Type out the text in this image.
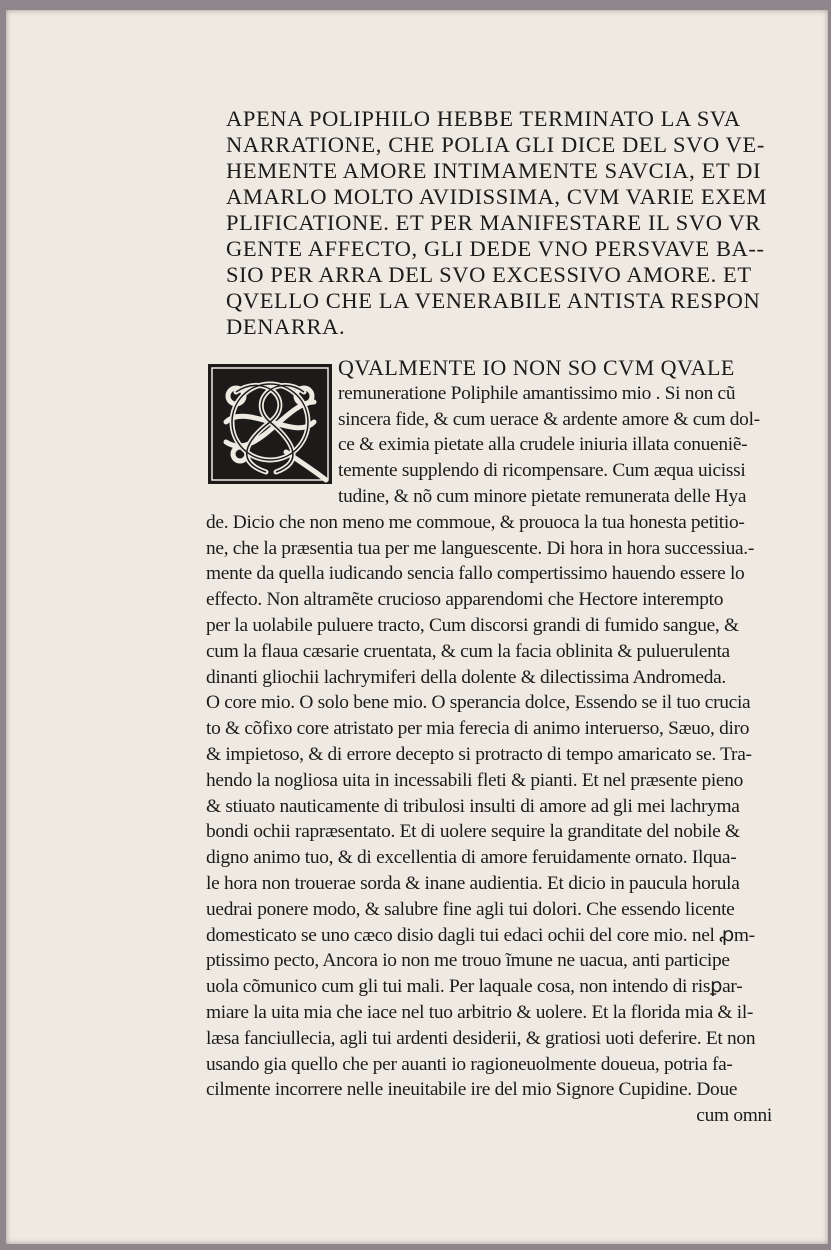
APENA POLIPHILO HEBBE TERMINATO LA SVA
NARRATIONE, CHE POLIA GLI DICE DEL SVO VE-
HEMENTE AMORE INTIMAMENTE SAVCIA, ET DI
AMARLO MOLTO AVIDISSIMA, CVM VARIE EXEM
PLIFICATIONE. ET PER MANIFESTARE IL SVO VR
GENTE AFFECTO, GLI DEDE VNO PERSVAVE BA--
SIO PER ARRA DEL SVO EXCESSIVO AMORE. ET
QVELLO CHE LA VENERABILE ANTISTA RESPON
DENARRA.
QVALMENTE IO NON SO CVM QVALE
remuneratione Poliphile amantissimo mio . Si non cũ
sincera fide, & cum uerace & ardente amore & cum dol-
ce & eximia pietate alla crudele iniuria illata conueniẽ-
temente supplendo di ricompensare. Cum æqua uicissi
tudine, & nõ cum minore pietate remunerata delle Hya
de. Dicio che non meno me commoue, & prouoca la tua honesta petitio-
ne, che la præsentia tua per me languescente. Di hora in hora successiua.-
mente da quella iudicando sencia fallo compertissimo hauendo essere lo
effecto. Non altramẽte crucioso apparendomi che Hectore interempto
per la uolabile puluere tracto, Cum discorsi grandi di fumido sangue, &
cum la flaua cæsarie cruentata, & cum la facia oblinita & puluerulenta
dinanti gliochii lachrymiferi della dolente & dilectissima Andromeda.
O core mio. O solo bene mio. O sperancia dolce, Essendo se il tuo crucia
to & cõfixo core atristato per mia ferecia di animo interuerso, Sæuo, diro
& impietoso, & di errore decepto si protracto di tempo amaricato se. Tra-
hendo la nogliosa uita in incessabili fleti & pianti. Et nel præsente pieno
& stiuato nauticamente di tribulosi insulti di amore ad gli mei lachryma
bondi ochii rapræsentato. Et di uolere sequire la granditate del nobile &
digno animo tuo, & di excellentia di amore feruidamente ornato. Ilqua-
le hora non trouerae sorda & inane audientia. Et dicio in paucula horula
uedrai ponere modo, & salubre fine agli tui dolori. Che essendo licente
domesticato se uno cæco disio dagli tui edaci ochii del core mio. nel ꝓm-
ptissimo pecto, Ancora io non me trouo ĩmune ne uacua, anti participe
uola cõmunico cum gli tui mali. Per laquale cosa, non intendo di risꝑar-
miare la uita mia che iace nel tuo arbitrio & uolere. Et la florida mia & il-
læsa fanciullecia, agli tui ardenti desiderii, & gratiosi uoti deferire. Et non
usando gia quello che per auanti io ragioneuolmente doueua, potria fa-
cilmente incorrere nelle ineuitabile ire del mio Signore Cupidine. Doue
cum omni
